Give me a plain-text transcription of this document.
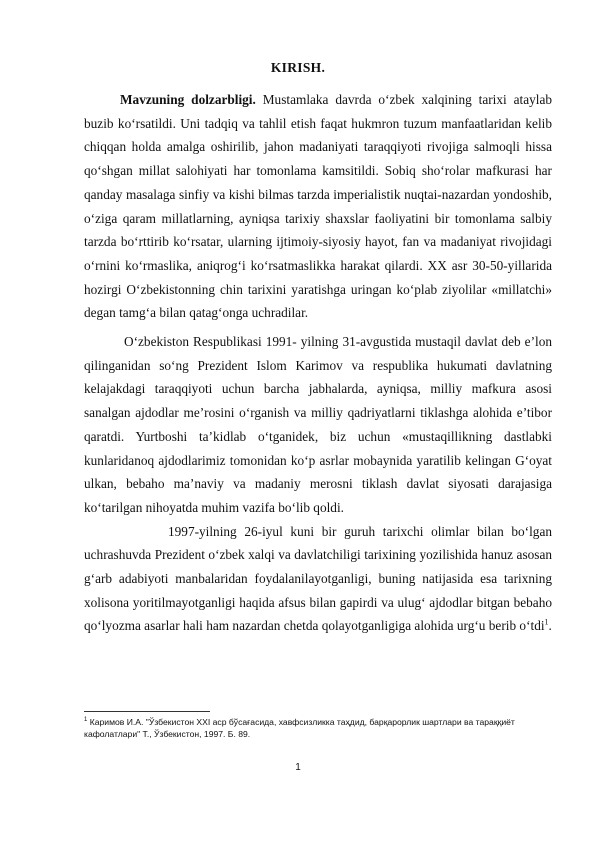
KIRISH.

Mavzuning dolzarbligi. Mustamlaka davrda o‘zbek xalqining tarixi ataylab buzib ko‘rsatildi. Uni tadqiq va tahlil etish faqat hukmron tuzum manfaatlaridan kelib chiqqan holda amalga oshirilib, jahon madaniyati taraqqiyoti rivojiga salmoqli hissa qo‘shgan millat salohiyati har tomonlama kamsitildi. Sobiq sho‘rolar mafkurasi har qanday masalaga sinfiy va kishi bilmas tarzda imperialistik nuqtai-nazardan yondoshib, o‘ziga qaram millatlarning, ayniqsa tarixiy shaxslar faoliyatini bir tomonlama salbiy tarzda bo‘rttirib ko‘rsatar, ularning ijtimoiy-siyosiy hayot, fan va madaniyat rivojidagi o‘rnini ko‘rmaslika, aniqrog‘i ko‘rsatmaslikka harakat qilardi. XX asr 30-50-yillarida hozirgi O‘zbekistonning chin tarixini yaratishga uringan ko‘plab ziyolilar «millatchi» degan tamg‘a bilan qatag‘onga uchradilar.

O‘zbekiston Respublikasi 1991- yilning 31-avgustida mustaqil davlat deb e’lon qilinganidan so‘ng Prezident Islom Karimov va respublika hukumati davlatning kelajakdagi taraqqiyoti uchun barcha jabhalarda, ayniqsa, milliy mafkura asosi sanalgan ajdodlar me’rosini o‘rganish va milliy qadriyatlarni tiklashga alohida e’tibor qaratdi. Yurtboshi ta’kidlab o‘tganidek, biz uchun «mustaqillikning dastlabki kunlaridanoq ajdodlarimiz tomonidan ko‘p asrlar mobaynida yaratilib kelingan G‘oyat ulkan, bebaho ma’naviy va madaniy merosni tiklash davlat siyosati darajasiga ko‘tarilgan nihoyatda muhim vazifa bo‘lib qoldi.

1997-yilning 26-iyul kuni bir guruh tarixchi olimlar bilan bo‘lgan uchrashuvda Prezident o‘zbek xalqi va davlatchiligi tarixining yozilishida hanuz asosan g‘arb adabiyoti manbalaridan foydalanilayotganligi, buning natijasida esa tarixning xolisona yoritilmayotganligi haqida afsus bilan gapirdi va ulug‘ ajdodlar bitgan bebaho qo‘lyozma asarlar hali ham nazardan chetda qolayotganligiga alohida urg‘u berib o‘tdi$^1$.

$^1$ Каримов И.А. "Ўзбекистон XXI аср бўсағасида, хавфсизликка таҳдид, барқарорлик шартлари ва тараққиёт кафолатлари" Т., Ўзбекистон, 1997. Б. 89.
1
